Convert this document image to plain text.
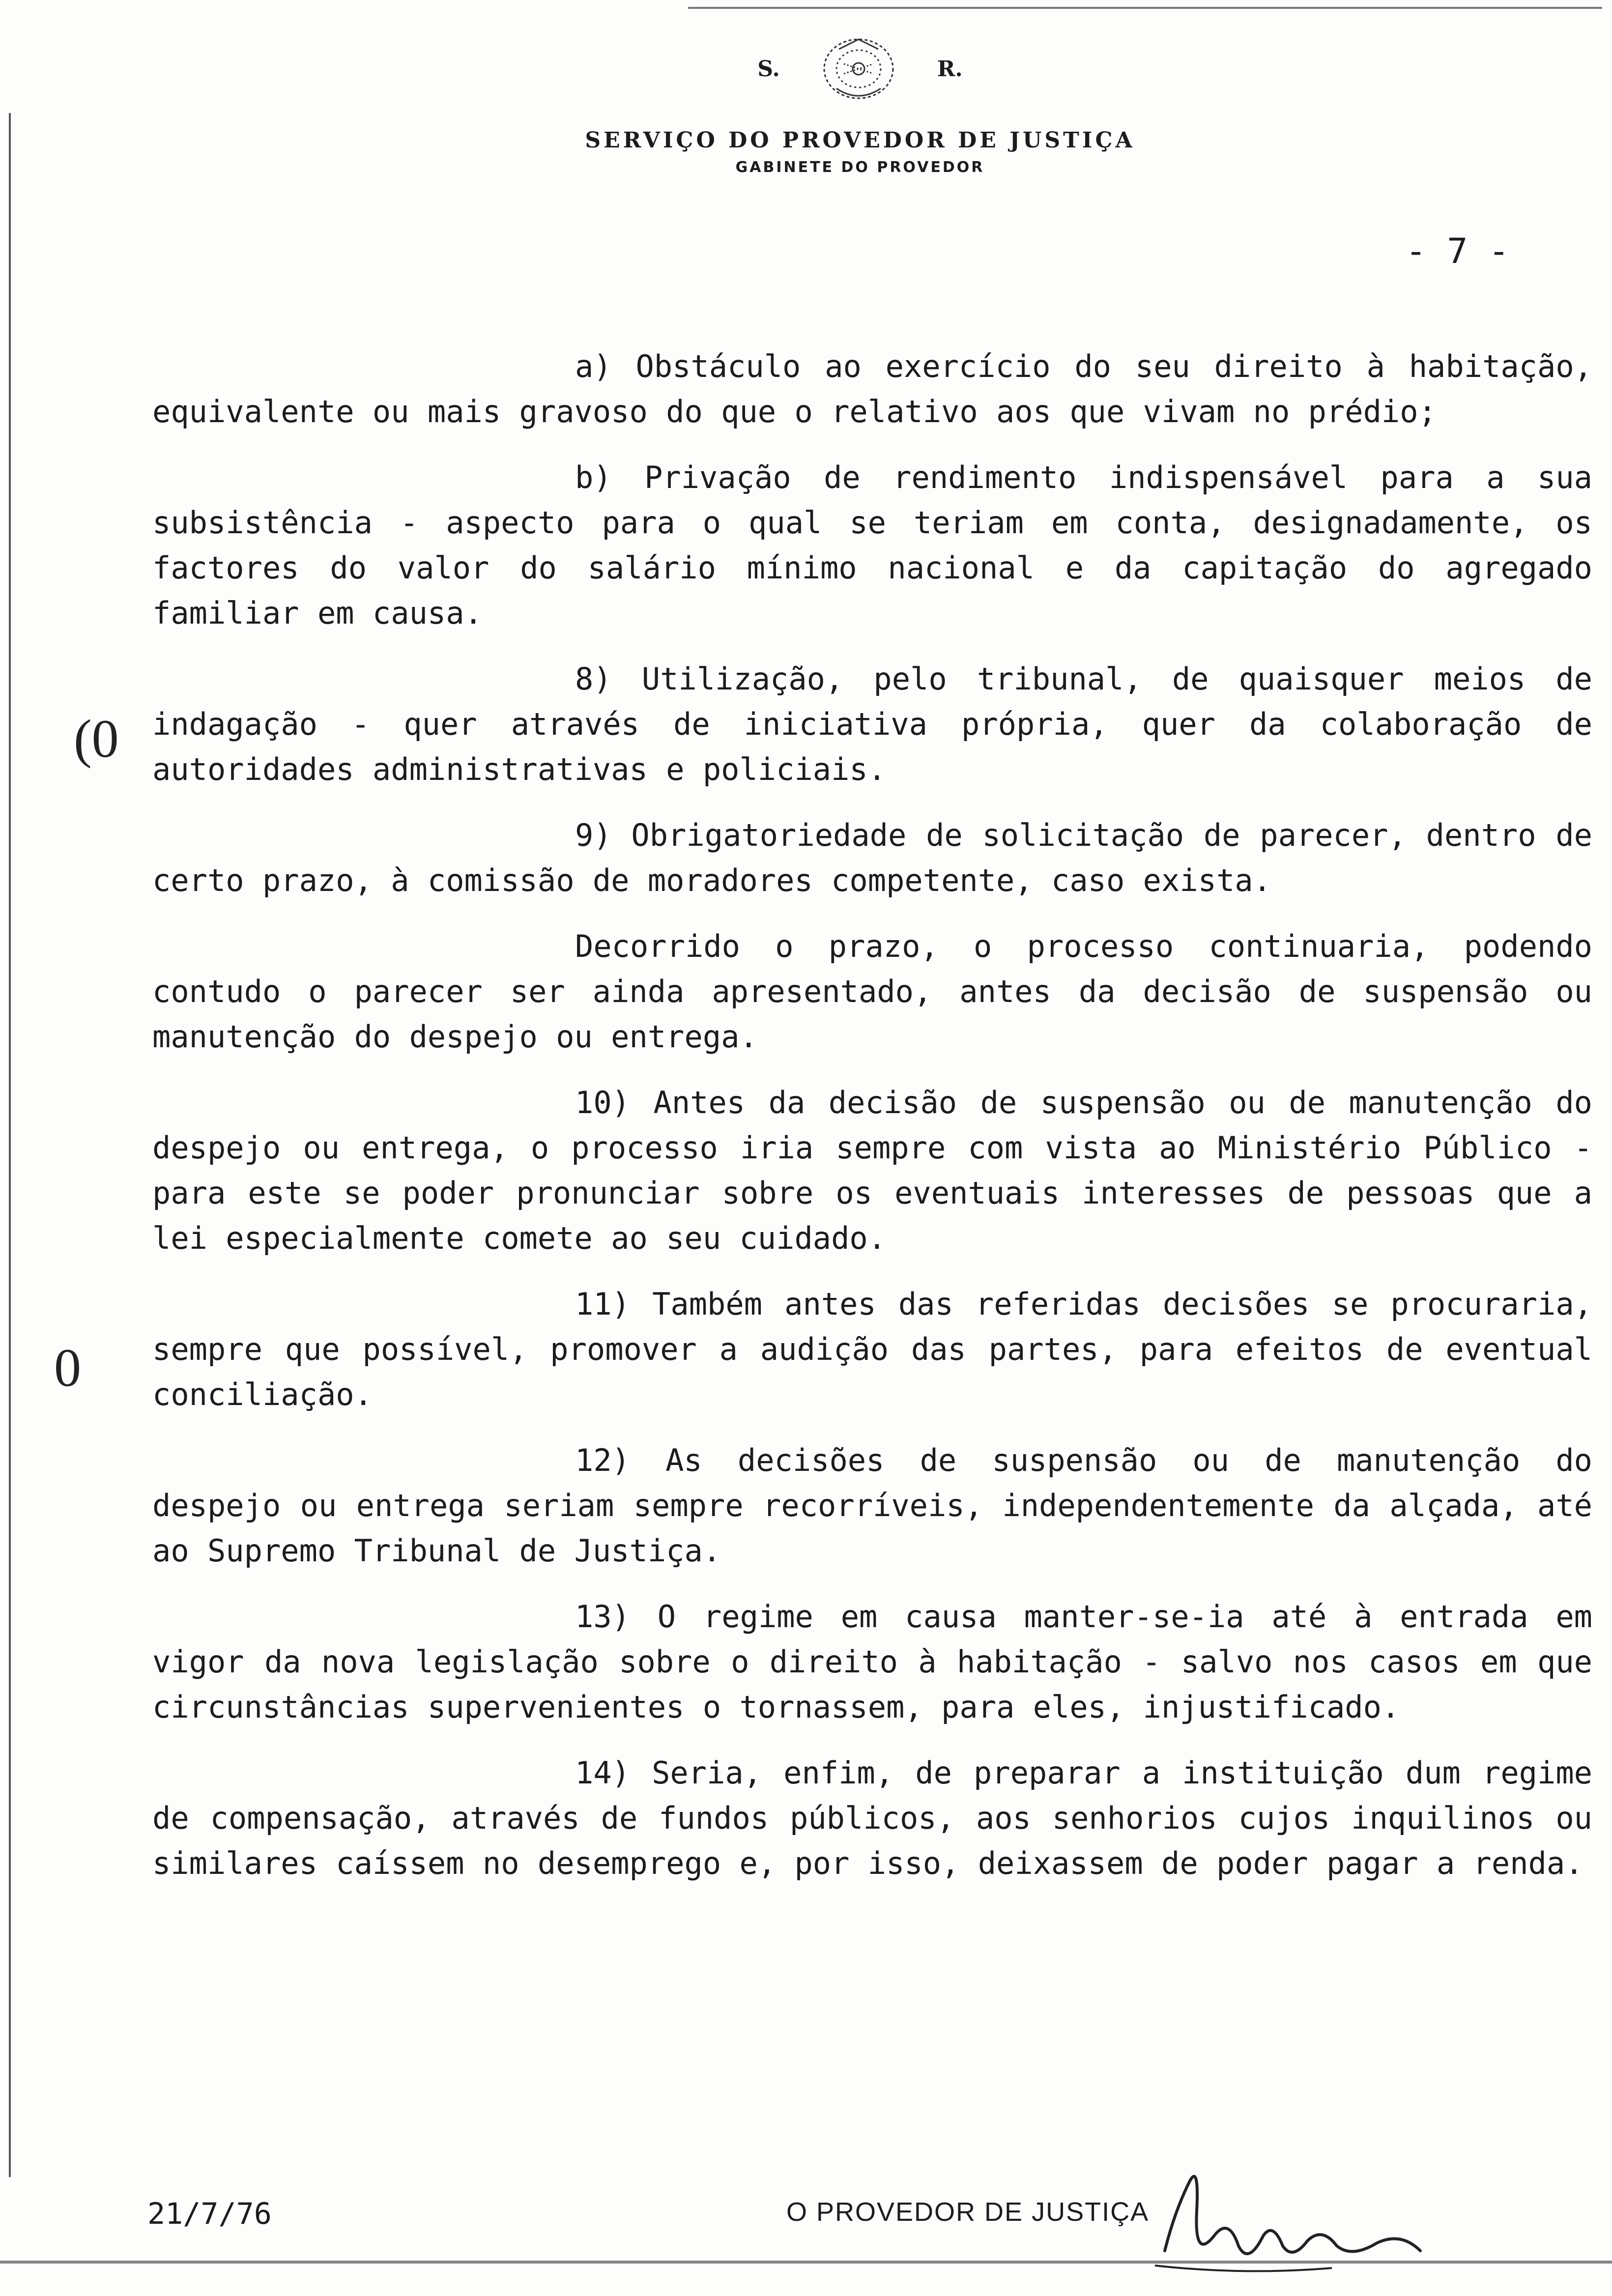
S.	R.
SERVIÇO DO PROVEDOR DE JUSTIÇA
GABINETE DO PROVEDOR
- 7 -
(0
0

a) Obstáculo ao exercício do seu direito à habitação, equivalente ou mais gravoso do que o relativo aos que vivam no prédio;

b) Privação de rendimento indispensável para a sua subsistência - aspecto para o qual se teriam em conta, designadamente, os factores do valor do salário mínimo nacional e da capitação do agregado familiar em causa.

8) Utilização, pelo tribunal, de quaisquer meios de indagação - quer através de iniciativa própria, quer da colaboração de autoridades administrativas e policiais.

9) Obrigatoriedade de solicitação de parecer, dentro de certo prazo, à comissão de moradores competente, caso exista.

Decorrido o prazo, o processo continuaria, podendo contudo o parecer ser ainda apresentado, antes da decisão de suspensão ou manutenção do despejo ou entrega.

10) Antes da decisão de suspensão ou de manutenção do despejo ou entrega, o processo iria sempre com vista ao Ministério Público - para este se poder pronunciar sobre os eventuais interesses de pessoas que a lei especialmente comete ao seu cuidado.

11) Também antes das referidas decisões se procuraria, sempre que possível, promover a audição das partes, para efeitos de eventual conciliação.

12) As decisões de suspensão ou de manutenção do despejo ou entrega seriam sempre recorríveis, independentemente da alçada, até ao Supremo Tribunal de Justiça.

13) O regime em causa manter-se-ia até à entrada em vigor da nova legislação sobre o direito à habitação - salvo nos casos em que circunstâncias supervenientes o tornassem, para eles, injustificado.

14) Seria, enfim, de preparar a instituição dum regime de compensação, através de fundos públicos, aos senhorios cujos inquilinos ou similares caíssem no desemprego e, por isso, deixassem de poder pagar a renda.

21/7/76	O PROVEDOR DE JUSTIÇA
